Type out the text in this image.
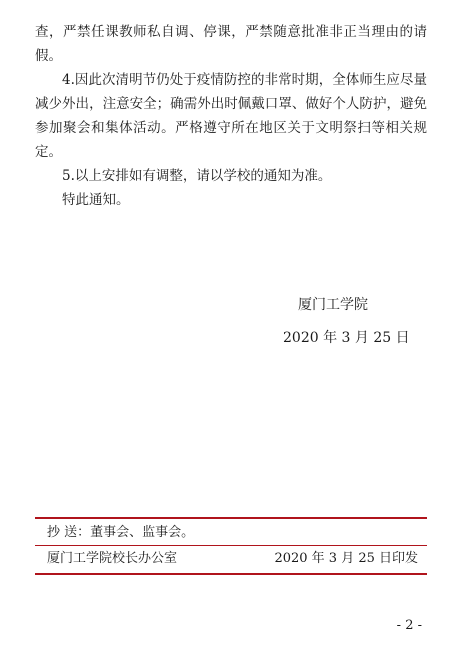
查，严禁任课教师私自调、停课，严禁随意批准非正当理由的请假。

4.因此次清明节仍处于疫情防控的非常时期，全体师生应尽量减少外出，注意安全；确需外出时佩戴口罩、做好个人防护，避免参加聚会和集体活动。严格遵守所在地区关于文明祭扫等相关规定。

5.以上安排如有调整，请以学校的通知为准。

特此通知。

厦门工学院
2020 年 3 月 25 日
抄 送：董事会、监事会。
厦门工学院校长办公室	2020 年 3 月 25 日印发
- 2 -
